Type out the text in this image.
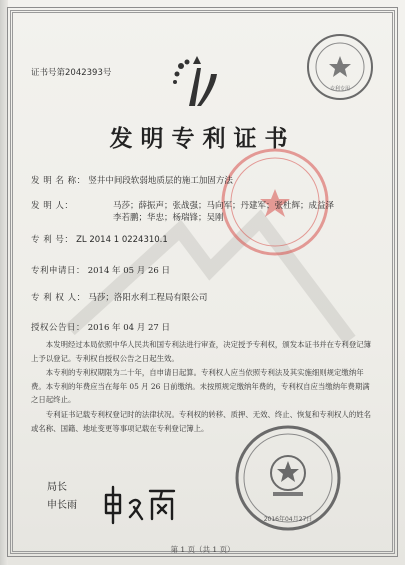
证书号第2042393号
专利专用
发明专利证书
发 明 名 称： 竖井中间段软弱地质层的施工加固方法
发 明 人：	马莎；薛振声；张战强；马向军；丹建军；张杜辉；成益泽
李若鹏；华忠；杨瑞锋；吴刚
专 利 号： ZL 2014 1 0224310.1
专利申请日： 2014 年 05 月 26 日
专 利 权 人： 马莎；洛阳水利工程局有限公司
授权公告日： 2016 年 04 月 27 日
本发明经过本局依照中华人民共和国专利法进行审查，决定授予专利权，颁发本证书并在专利登记簿上予以登记。专利权自授权公告之日起生效。
本专利的专利权期限为二十年，自申请日起算。专利权人应当依照专利法及其实施细则规定缴纳年费。本专利的年费应当在每年 05 月 26 日前缴纳。未按照规定缴纳年费的，专利权自应当缴纳年费期满之日起终止。
专利证书记载专利权登记时的法律状况。专利权的转移、质押、无效、终止、恢复和专利权人的姓名或名称、国籍、地址变更等事项记载在专利登记簿上。
2016年04月27日
局长
申长雨
第 1 页（共 1 页）
